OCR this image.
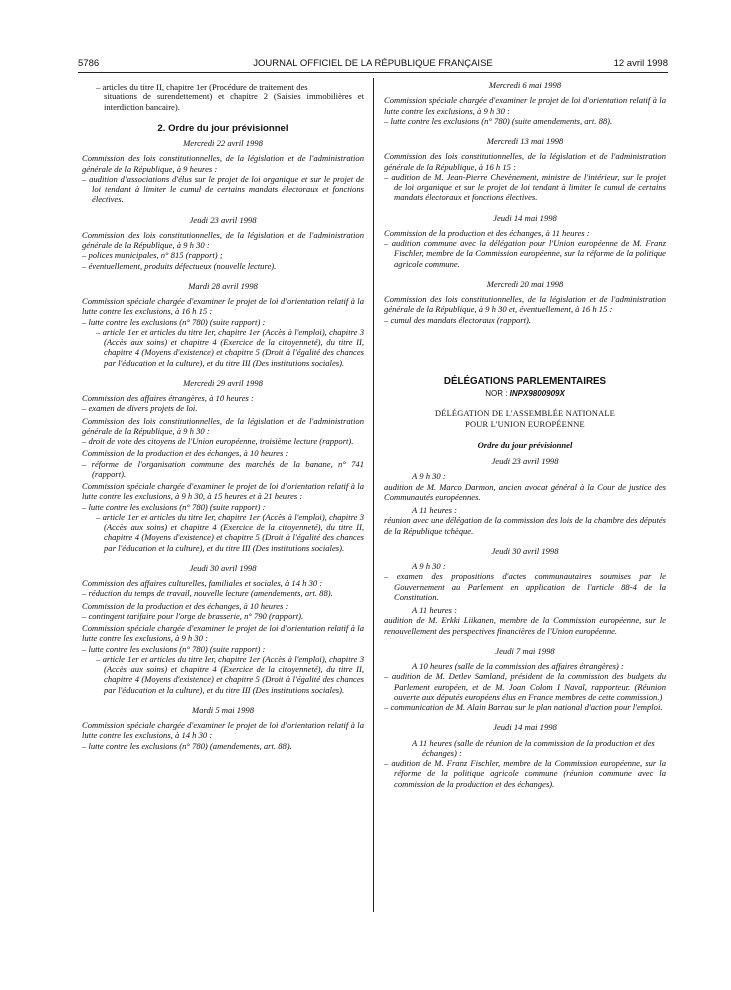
5786	JOURNAL OFFICIEL DE LA RÉPUBLIQUE FRANÇAISE	12 avril 1998

– articles du titre II, chapitre 1er (Procédure de traitement des

situations de surendettement) et chapitre 2 (Saisies immobilières et interdiction bancaire).

2. Ordre du jour prévisionnel

Mercredi 22 avril 1998

Commission des lois constitutionnelles, de la législation et de l'administration générale de la République, à 9 heures :

– audition d'associations d'élus sur le projet de loi organique et sur le projet de loi tendant à limiter le cumul de certains mandats électoraux et fonctions électives.

Jeudi 23 avril 1998

Commission des lois constitutionnelles, de la législation et de l'administration générale de la République, à 9 h 30 :

– polices municipales, n° 815 (rapport) ;

– éventuellement, produits défectueux (nouvelle lecture).

Mardi 28 avril 1998

Commission spéciale chargée d'examiner le projet de loi d'orientation relatif à la lutte contre les exclusions, à 16 h 15 :

– lutte contre les exclusions (n° 780) (suite rapport) :

– article 1er et articles du titre Ier, chapitre 1er (Accès à l'emploi), chapitre 3 (Accès aux soins) et chapitre 4 (Exercice de la citoyenneté), du titre II, chapitre 4 (Moyens d'existence) et chapitre 5 (Droit à l'égalité des chances par l'éducation et la culture), et du titre III (Des institutions sociales).

Mercredi 29 avril 1998

Commission des affaires étrangères, à 10 heures :

– examen de divers projets de loi.

Commission des lois constitutionnelles, de la législation et de l'administration générale de la République, à 9 h 30 :

– droit de vote des citoyens de l'Union européenne, troisième lecture (rapport).

Commission de la production et des échanges, à 10 heures :

– réforme de l'organisation commune des marchés de la banane, n° 741 (rapport).

Commission spéciale chargée d'examiner le projet de loi d'orientation relatif à la lutte contre les exclusions, à 9 h 30, à 15 heures et à 21 heures :

– lutte contre les exclusions (n° 780) (suite rapport) :

– article 1er et articles du titre Ier, chapitre 1er (Accès à l'emploi), chapitre 3 (Accès aux soins) et chapitre 4 (Exercice de la citoyenneté), du titre II, chapitre 4 (Moyens d'existence) et chapitre 5 (Droit à l'égalité des chances par l'éducation et la culture), et du titre III (Des institutions sociales).

Jeudi 30 avril 1998

Commission des affaires culturelles, familiales et sociales, à 14 h 30 :

– réduction du temps de travail, nouvelle lecture (amendements, art. 88).

Commission de la production et des échanges, à 10 heures :

– contingent tarifaire pour l'orge de brasserie, n° 790 (rapport).

Commission spéciale chargée d'examiner le projet de loi d'orientation relatif à la lutte contre les exclusions, à 9 h 30 :

– lutte contre les exclusions (n° 780) (suite rapport) :

– article 1er et articles du titre Ier, chapitre 1er (Accès à l'emploi), chapitre 3 (Accès aux soins) et chapitre 4 (Exercice de la citoyenneté), du titre II, chapitre 4 (Moyens d'existence) et chapitre 5 (Droit à l'égalité des chances par l'éducation et la culture), et du titre III (Des institutions sociales).

Mardi 5 mai 1998

Commission spéciale chargée d'examiner le projet de loi d'orientation relatif à la lutte contre les exclusions, à 14 h 30 :

– lutte contre les exclusions (n° 780) (amendements, art. 88).

Mercredi 6 mai 1998

Commission spéciale chargée d'examiner le projet de loi d'orientation relatif à la lutte contre les exclusions, à 9 h 30 :

– lutte contre les exclusions (n° 780) (suite amendements, art. 88).

Mercredi 13 mai 1998

Commission des lois constitutionnelles, de la législation et de l'administration générale de la République, à 16 h 15 :

– audition de M. Jean-Pierre Chevènement, ministre de l'intérieur, sur le projet de loi organique et sur le projet de loi tendant à limiter le cumul de certains mandats électoraux et fonctions électives.

Jeudi 14 mai 1998

Commission de la production et des échanges, à 11 heures :

– audition commune avec la délégation pour l'Union européenne de M. Franz Fischler, membre de la Commission européenne, sur la réforme de la politique agricole commune.

Mercredi 20 mai 1998

Commission des lois constitutionnelles, de la législation et de l'administration générale de la République, à 9 h 30 et, éventuellement, à 16 h 15 :

– cumul des mandats électoraux (rapport).

DÉLÉGATIONS PARLEMENTAIRES

NOR : INPX9800909X

DÉLÉGATION DE L'ASSEMBLÉE NATIONALE

POUR L'UNION EUROPÉENNE

Ordre du jour prévisionnel

Jeudi 23 avril 1998

A 9 h 30 :

audition de M. Marco Darmon, ancien avocat général à la Cour de justice des Communautés européennes.

A 11 heures :

réunion avec une délégation de la commission des lois de la chambre des députés de la République tchèque.

Jeudi 30 avril 1998

A 9 h 30 :

– examen des propositions d'actes communautaires soumises par le Gouvernement au Parlement en application de l'article 88-4 de la Constitution.

A 11 heures :

audition de M. Erkki Liikanen, membre de la Commission européenne, sur le renouvellement des perspectives financières de l'Union européenne.

Jeudi 7 mai 1998

A 10 heures (salle de la commission des affaires étrangères) :

– audition de M. Detlev Samland, président de la commission des budgets du Parlement européen, et de M. Joan Colom I Naval, rapporteur. (Réunion ouverte aux députés européens élus en France membres de cette commission.)

– communication de M. Alain Barrau sur le plan national d'action pour l'emploi.

Jeudi 14 mai 1998

A 11 heures (salle de réunion de la commission de la production et des échanges) :

– audition de M. Franz Fischler, membre de la Commission européenne, sur la réforme de la politique agricole commune (réunion commune avec la commission de la production et des échanges).
